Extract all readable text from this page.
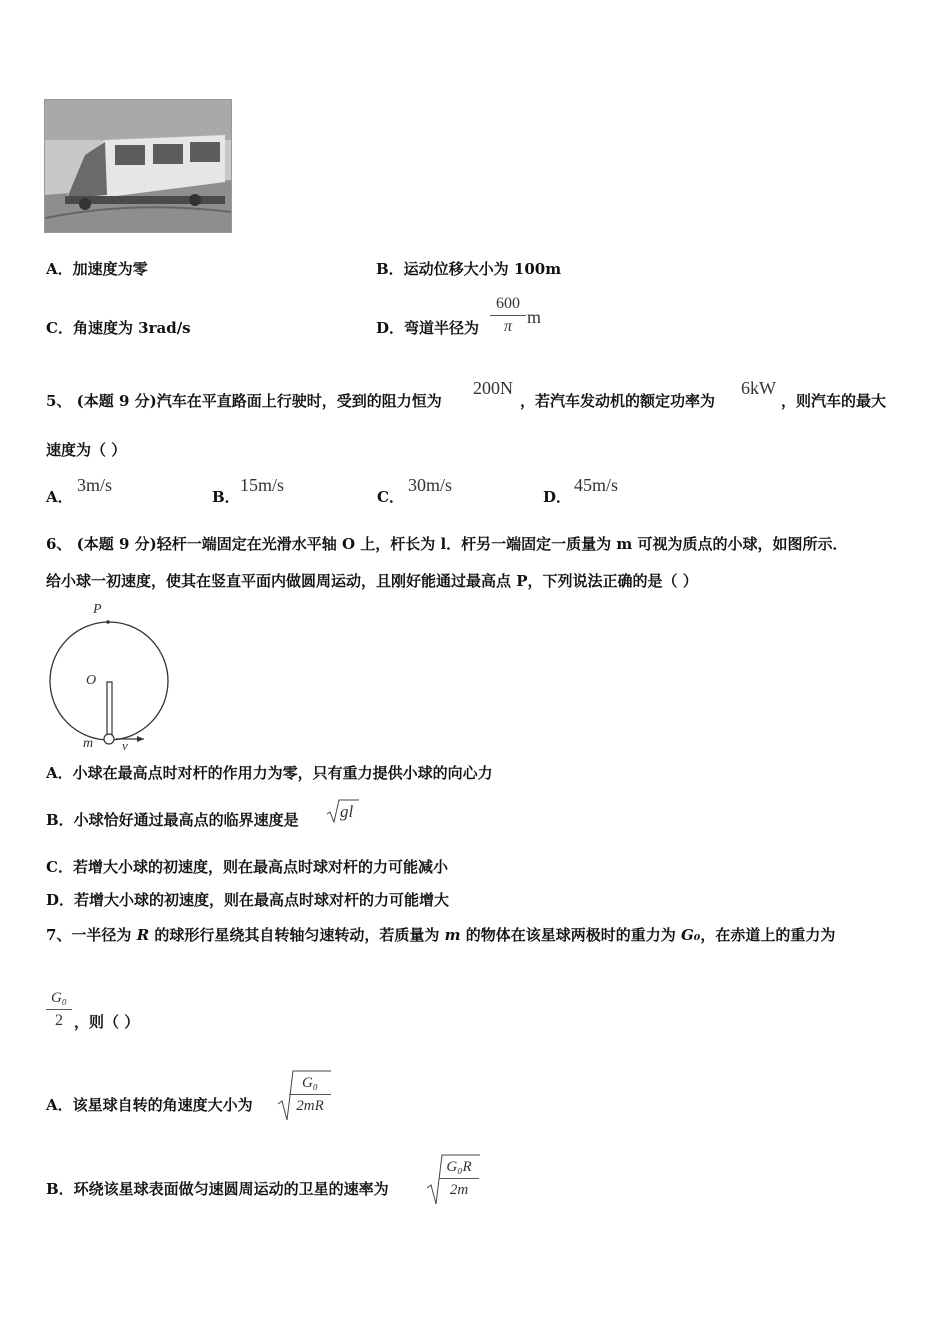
A．加速度为零	B．运动位移大小为 100m
C．角速度为 3rad/s	D．弯道半径为
600
π m
5、 (本题 9 分)汽车在平直路面上行驶时，受到的阻力恒为
200N
，若汽车发动机的额定功率为
6kW
，则汽车的最大
速度为（ ）
A．
3m/s
B．
15m/s
C．
30m/s
D．
45m/s
6、 (本题 9 分)轻杆一端固定在光滑水平轴 O 上，杆长为 l．杆另一端固定一质量为 m 可视为质点的小球，如图所示．
给小球一初速度，使其在竖直平面内做圆周运动，且刚好能通过最高点 P，下列说法正确的是（ ）
P
O
m v
A．小球在最高点时对杆的作用力为零，只有重力提供小球的向心力
B．小球恰好通过最高点的临界速度是 gl
C．若增大小球的初速度，则在最高点时球对杆的力可能减小
D．若增大小球的初速度，则在最高点时球对杆的力可能增大
7、一半径为 R 的球形行星绕其自转轴匀速转动，若质量为 m 的物体在该星球两极时的重力为 G₀，在赤道上的重力为
G₀
2 ，则（ ）
A．该星球自转的角速度大小为
G₀
2mR
B．环绕该星球表面做匀速圆周运动的卫星的速率为
G₀R
2m
